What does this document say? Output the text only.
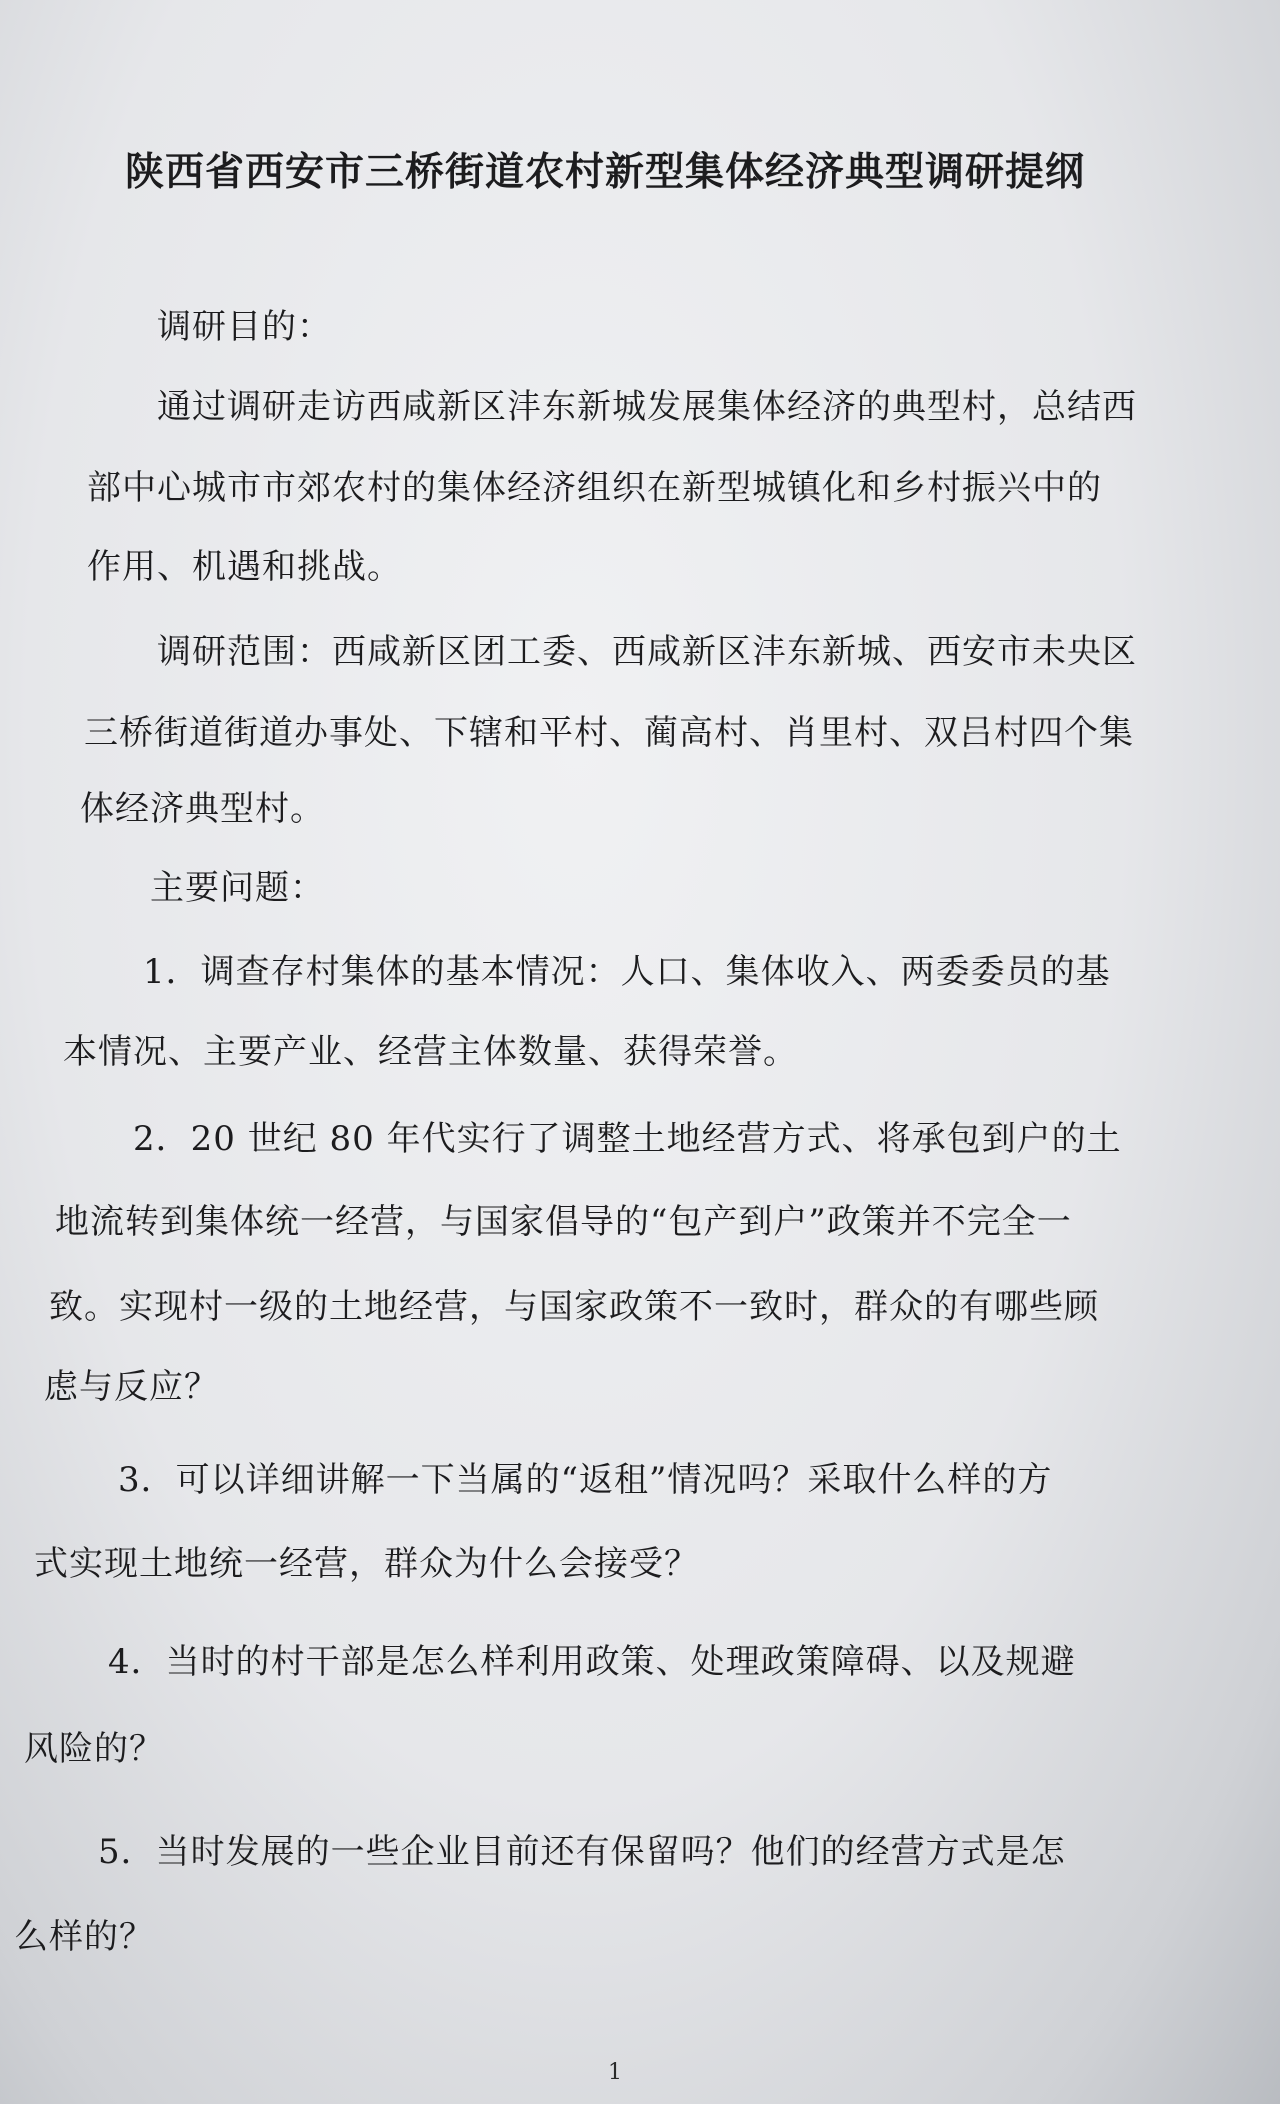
陕西省西安市三桥街道农村新型集体经济典型调研提纲
调研目的：
通过调研走访西咸新区沣东新城发展集体经济的典型村，总结西
部中心城市市郊农村的集体经济组织在新型城镇化和乡村振兴中的
作用、机遇和挑战。
调研范围：西咸新区团工委、西咸新区沣东新城、西安市未央区
三桥街道街道办事处、下辖和平村、蔺高村、肖里村、双吕村四个集
体经济典型村。
主要问题：
1．调查存村集体的基本情况：人口、集体收入、两委委员的基
本情况、主要产业、经营主体数量、获得荣誉。
2．20 世纪 80 年代实行了调整土地经营方式、将承包到户的土
地流转到集体统一经营，与国家倡导的“包产到户”政策并不完全一
致。实现村一级的土地经营，与国家政策不一致时，群众的有哪些顾
虑与反应？
3．可以详细讲解一下当属的“返租”情况吗？采取什么样的方
式实现土地统一经营，群众为什么会接受？
4．当时的村干部是怎么样利用政策、处理政策障碍、以及规避
风险的？
5．当时发展的一些企业目前还有保留吗？他们的经营方式是怎
么样的？
1
